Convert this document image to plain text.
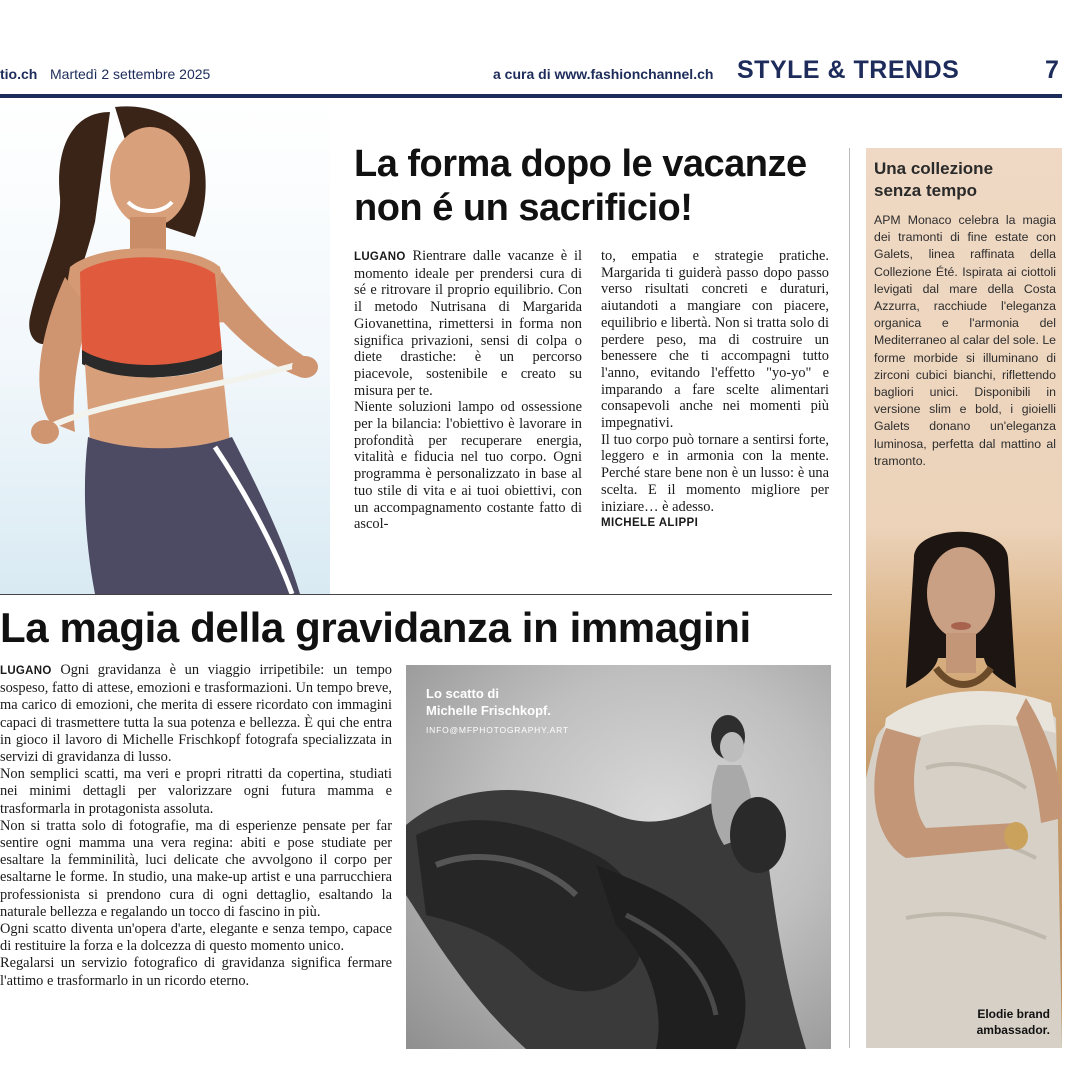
tio.ch Martedì 2 settembre 2025	a cura di www.fashionchannel.ch STYLE & TRENDS	7
La forma dopo le vacanze
non é un sacrificio!

LUGANO Rientrare dalle vacanze è il momento ideale per prendersi cura di sé e ritrovare il proprio equilibrio. Con il metodo Nutrisana di Margarida Giovanettina, rimettersi in forma non significa privazioni, sensi di colpa o diete drastiche: è un percorso piacevole, sostenibile e creato su misura per te.

Niente soluzioni lampo od ossessione per la bilancia: l'obiettivo è lavorare in profondità per recuperare energia, vitalità e fiducia nel tuo corpo. Ogni programma è personalizzato in base al tuo stile di vita e ai tuoi obiettivi, con un accompagnamento costante fatto di ascol-

to, empatia e strategie pratiche. Margarida ti guiderà passo dopo passo verso risultati concreti e duraturi, aiutandoti a mangiare con piacere, equilibrio e libertà. Non si tratta solo di perdere peso, ma di costruire un benessere che ti accompagni tutto l'anno, evitando l'effetto "yo-yo" e imparando a fare scelte alimentari consapevoli anche nei momenti più impegnativi.

Il tuo corpo può tornare a sentirsi forte, leggero e in armonia con la mente. Perché stare bene non è un lusso: è una scelta. E il momento migliore per iniziare… è adesso.

MICHELE ALIPPI

La magia della gravidanza in immagini

LUGANO Ogni gravidanza è un viaggio irripetibile: un tempo sospeso, fatto di attese, emozioni e trasformazioni. Un tempo breve, ma carico di emozioni, che merita di essere ricordato con immagini capaci di trasmettere tutta la sua potenza e bellezza. È qui che entra in gioco il lavoro di Michelle Frischkopf fotografa specializzata in servizi di gravidanza di lusso.

Non semplici scatti, ma veri e propri ritratti da copertina, studiati nei minimi dettagli per valorizzare ogni futura mamma e trasformarla in protagonista assoluta.

Non si tratta solo di fotografie, ma di esperienze pensate per far sentire ogni mamma una vera regina: abiti e pose studiate per esaltare la femminilità, luci delicate che avvolgono il corpo per esaltarne le forme. In studio, una make-up artist e una parrucchiera professionista si prendono cura di ogni dettaglio, esaltando la naturale bellezza e regalando un tocco di fascino in più.

Ogni scatto diventa un'opera d'arte, elegante e senza tempo, capace di restituire la forza e la dolcezza di questo momento unico.

Regalarsi un servizio fotografico di gravidanza significa fermare l'attimo e trasformarlo in un ricordo eterno.

Lo scatto di
Michelle Frischkopf.
INFO@MFPHOTOGRAPHY.ART
Una collezione
senza tempo

APM Monaco celebra la magia dei tramonti di fine estate con Galets, linea raffinata della Collezione Été. Ispirata ai ciottoli levigati dal mare della Costa Azzurra, racchiude l'eleganza organica e l'armonia del Mediterraneo al calar del sole. Le forme morbide si illuminano di zirconi cubici bianchi, riflettendo bagliori unici. Disponibili in versione slim e bold, i gioielli Galets donano un'eleganza luminosa, perfetta dal mattino al tramonto.

Elodie brand
ambassador.
